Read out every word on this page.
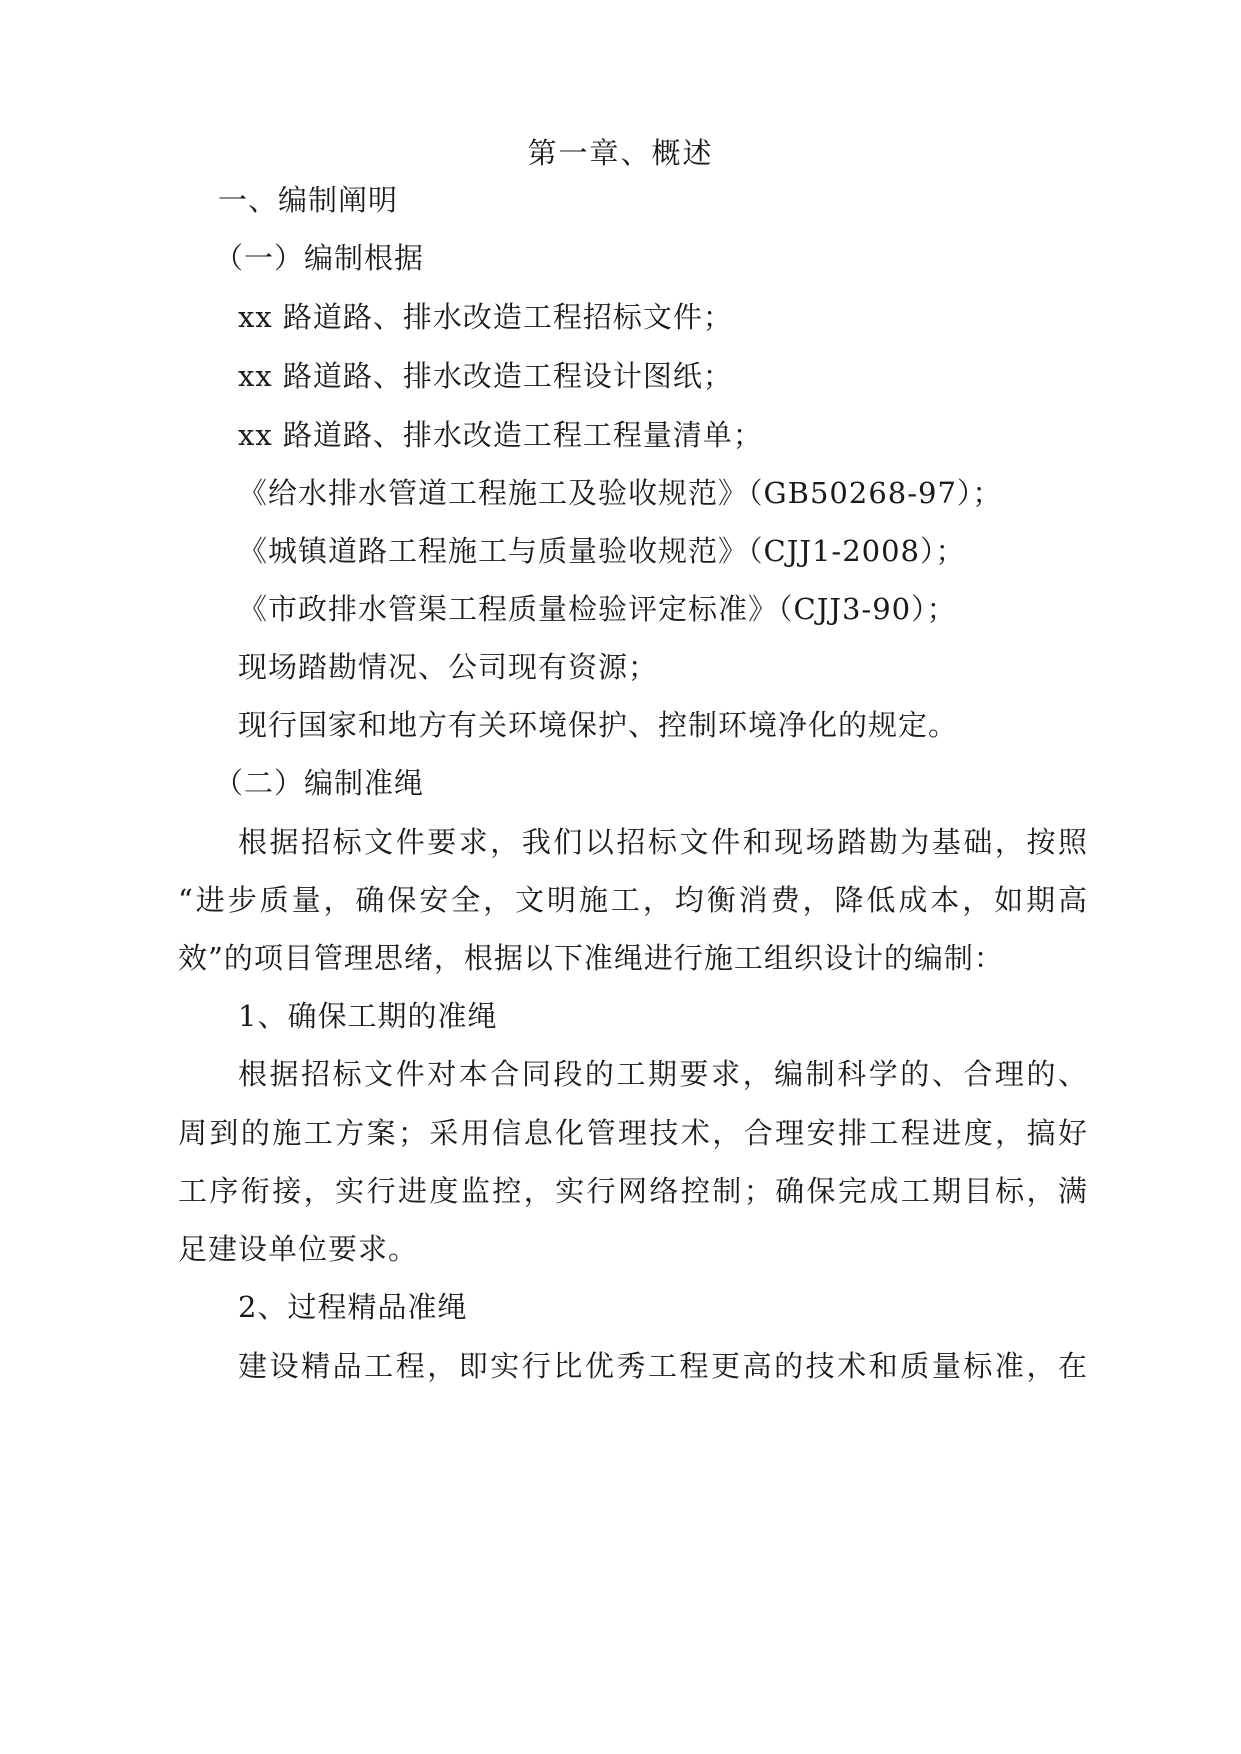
第一章、概述
一、编制阐明
（一）编制根据
xx 路道路、排水改造工程招标文件；
xx 路道路、排水改造工程设计图纸；
xx 路道路、排水改造工程工程量清单；
《给水排水管道工程施工及验收规范》（GB50268-97）；
《城镇道路工程施工与质量验收规范》（CJJ1-2008）；
《市政排水管渠工程质量检验评定标准》（CJJ3-90）；
现场踏勘情况、公司现有资源；
现行国家和地方有关环境保护、控制环境净化的规定。
（二）编制准绳
根据招标文件要求，我们以招标文件和现场踏勘为基础，按照
“进步质量，确保安全，文明施工，均衡消费，降低成本，如期高
效”的项目管理思绪，根据以下准绳进行施工组织设计的编制：
1、确保工期的准绳
根据招标文件对本合同段的工期要求，编制科学的、合理的、
周到的施工方案；采用信息化管理技术，合理安排工程进度，搞好
工序衔接，实行进度监控，实行网络控制；确保完成工期目标，满
足建设单位要求。
2、过程精品准绳
建设精品工程，即实行比优秀工程更高的技术和质量标准，在
